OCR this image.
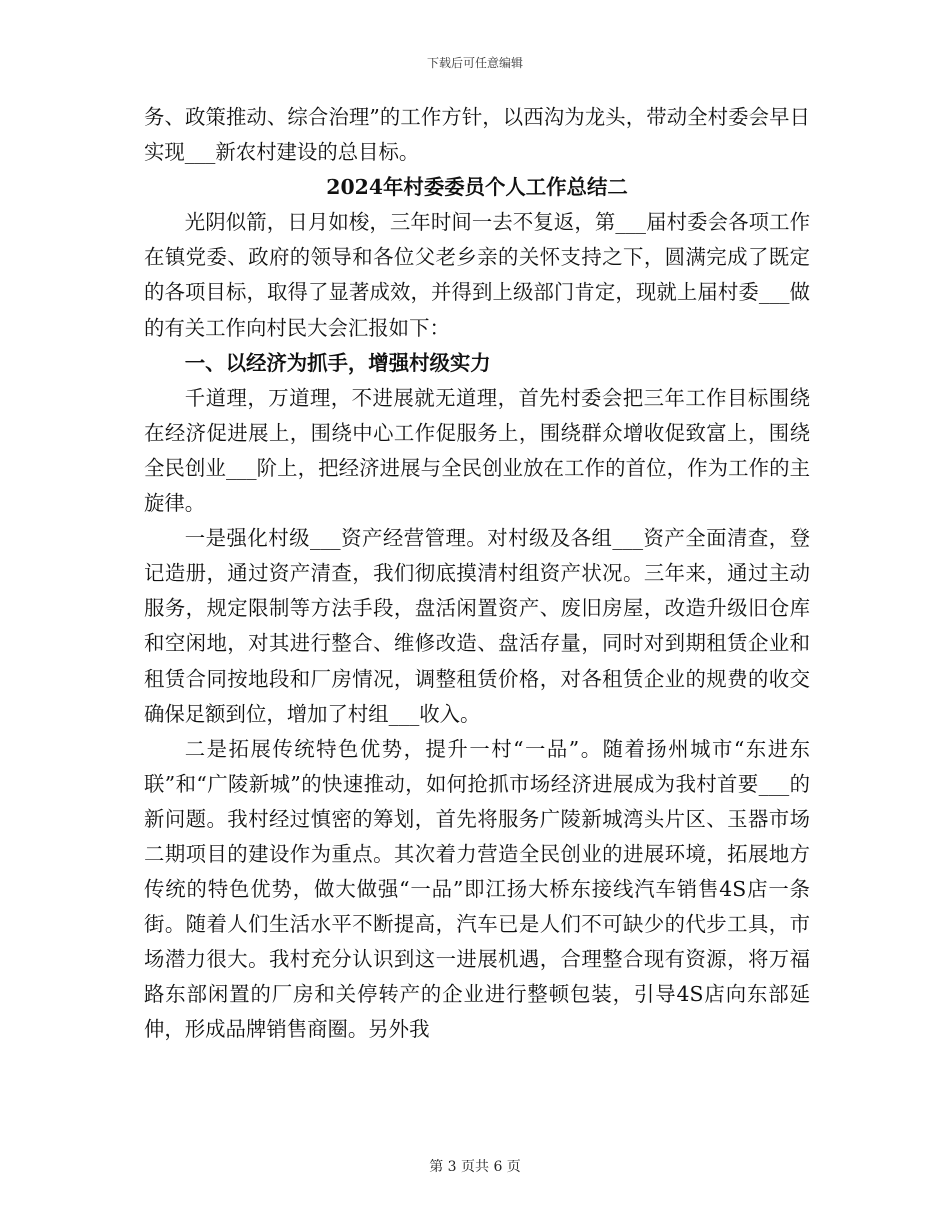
下载后可任意编辑

务、政策推动、综合治理”的工作方针，以西沟为龙头，带动全村委会早日实现___新农村建设的总目标。

2024年村委委员个人工作总结二

光阴似箭，日月如梭，三年时间一去不复返，第___届村委会各项工作在镇党委、政府的领导和各位父老乡亲的关怀支持之下，圆满完成了既定的各项目标，取得了显著成效，并得到上级部门肯定，现就上届村委___做的有关工作向村民大会汇报如下：

一、以经济为抓手，增强村级实力

千道理，万道理，不进展就无道理，首先村委会把三年工作目标围绕在经济促进展上，围绕中心工作促服务上，围绕群众增收促致富上，围绕全民创业___阶上，把经济进展与全民创业放在工作的首位，作为工作的主旋律。

一是强化村级___资产经营管理。对村级及各组___资产全面清查，登记造册，通过资产清查，我们彻底摸清村组资产状况。三年来，通过主动服务，规定限制等方法手段，盘活闲置资产、废旧房屋，改造升级旧仓库和空闲地，对其进行整合、维修改造、盘活存量，同时对到期租赁企业和租赁合同按地段和厂房情况，调整租赁价格，对各租赁企业的规费的收交确保足额到位，增加了村组___收入。

二是拓展传统特色优势，提升一村“一品”。随着扬州城市“东进东联”和“广陵新城”的快速推动，如何抢抓市场经济进展成为我村首要___的新问题。我村经过慎密的筹划，首先将服务广陵新城湾头片区、玉器市场二期项目的建设作为重点。其次着力营造全民创业的进展环境，拓展地方传统的特色优势，做大做强“一品”即江扬大桥东接线汽车销售4S店一条街。随着人们生活水平不断提高，汽车已是人们不可缺少的代步工具，市场潜力很大。我村充分认识到这一进展机遇，合理整合现有资源，将万福路东部闲置的厂房和关停转产的企业进行整顿包装，引导4S店向东部延伸，形成品牌销售商圈。另外我

第 3 页共 6 页
